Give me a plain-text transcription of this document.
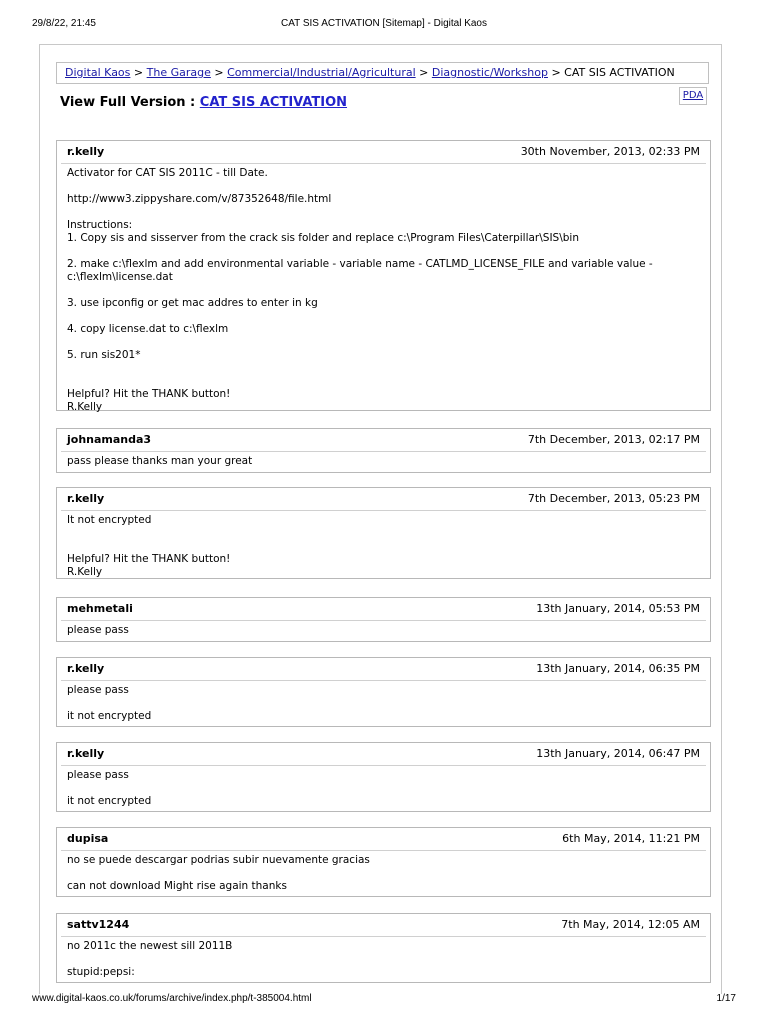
29/8/22, 21:45	CAT SIS ACTIVATION [Sitemap] - Digital Kaos
Digital Kaos > The Garage > Commercial/Industrial/Agricultural > Diagnostic/Workshop > CAT SIS ACTIVATION
View Full Version : CAT SIS ACTIVATION	PDA
r.kelly	30th November, 2013, 02:33 PM
Activator for CAT SIS 2011C - till Date.

http://www3.zippyshare.com/v/87352648/file.html

Instructions:
1. Copy sis and sisserver from the crack sis folder and replace c:\Program Files\Caterpillar\SIS\bin

2. make c:\flexlm and add environmental variable - variable name - CATLMD_LICENSE_FILE and variable value -
c:\flexlm\license.dat

3. use ipconfig or get mac addres to enter in kg

4. copy license.dat to c:\flexlm

5. run sis201*

Helpful? Hit the THANK button!
R.Kelly
johnamanda3	7th December, 2013, 02:17 PM
pass please thanks man your great
r.kelly	7th December, 2013, 05:23 PM
It not encrypted

Helpful? Hit the THANK button!
R.Kelly
mehmetali	13th January, 2014, 05:53 PM
please pass
r.kelly	13th January, 2014, 06:35 PM
please pass

it not encrypted
r.kelly	13th January, 2014, 06:47 PM
please pass

it not encrypted
dupisa	6th May, 2014, 11:21 PM
no se puede descargar podrias subir nuevamente gracias

can not download Might rise again thanks
sattv1244	7th May, 2014, 12:05 AM
no 2011c the newest sill 2011B

stupid:pepsi:
www.digital-kaos.co.uk/forums/archive/index.php/t-385004.html	1/17
